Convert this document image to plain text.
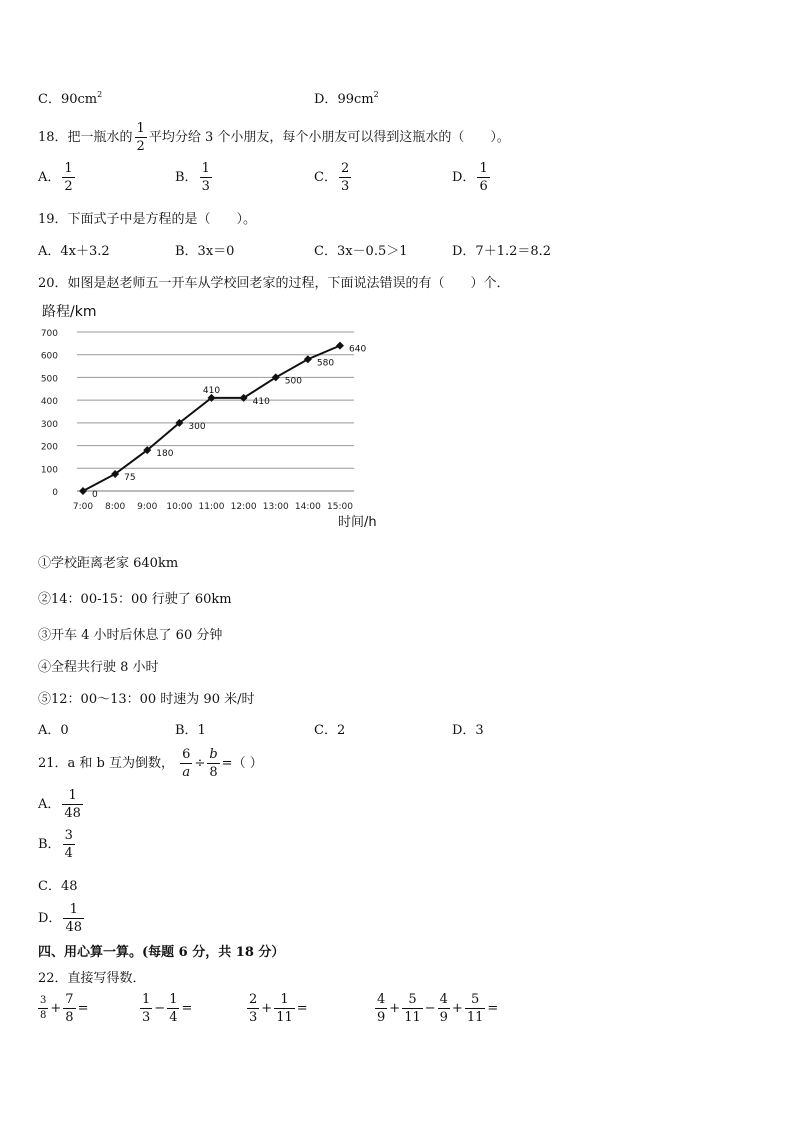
C．$90cm^2$	D．$99cm^2$
18．把一瓶水的 $\frac{1}{2}$ 平均分给 3 个小朋友，每个小朋友可以得到这瓶水的（　　）。
A． $\frac{1}{2}$	B． $\frac{1}{3}$	C． $\frac{2}{3}$	D． $\frac{1}{6}$
19．下面式子中是方程的是（　　）。
A．4x＋3.2	B．3x＝0	C．3x－0.5＞1	D．7＋1.2＝8.2
20．如图是赵老师五一开车从学校回老家的过程，下面说法错误的有（　　）个．
路程/km
0
100
200
300
400
500
600
700
7:00 8:00 9:00 10:00 11:00 12:00 13:00 14:00 15:00
0
75
180
300
410
410
500
580
640
时间/h
①学校距离老家 640km
②14：00-15：00 行驶了 60km
③开车 4 小时后休息了 60 分钟
④全程共行驶 8 小时
⑤12：00～13：00 时速为 90 米/时
A．0	B．1	C．2	D．3
21．a 和 b 互为倒数， $\frac{6}{a} \div \frac{b}{8}$ =（ ）
A． $\frac{1}{48}$
B． $\frac{3}{4}$
C．48
D． $\frac{1}{48}$
四、用心算一算。(每题 6 分，共 18 分）
22．直接写得数．
$\frac{3}{8} + \frac{7}{8}$ =	$\frac{1}{3} - \frac{1}{4}$ =	$\frac{2}{3} + \frac{1}{11}$ =	$\frac{4}{9} + \frac{5}{11} - \frac{4}{9} + \frac{5}{11}$ =
